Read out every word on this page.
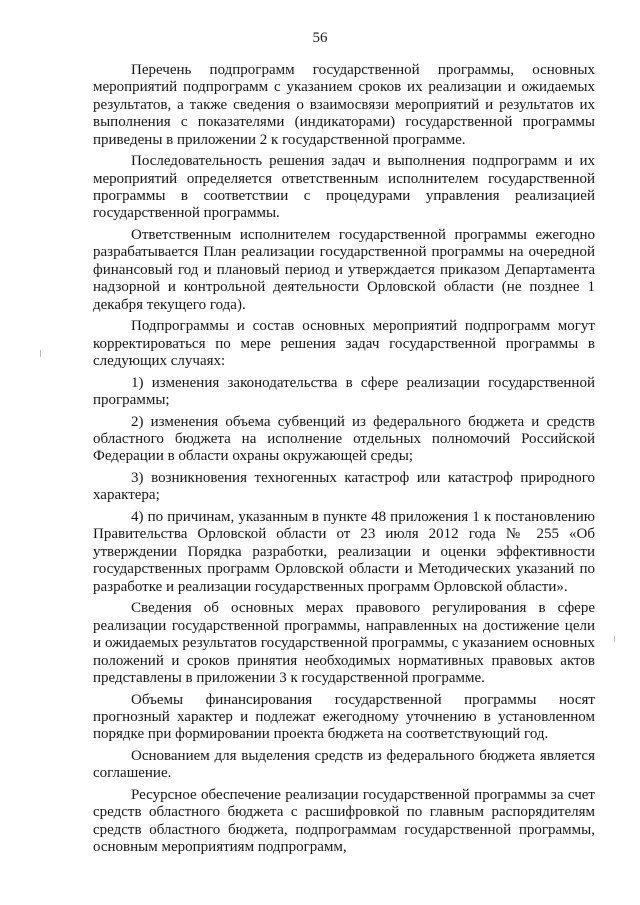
56

Перечень подпрограмм государственной программы, основных мероприятий подпрограмм с указанием сроков их реализации и ожидаемых результатов, а также сведения о взаимосвязи мероприятий и результатов их выполнения с показателями (индикаторами) государственной программы приведены в приложении 2 к государственной программе.

Последовательность решения задач и выполнения подпрограмм и их мероприятий определяется ответственным исполнителем государственной программы в соответствии с процедурами управления реализацией государственной программы.

Ответственным исполнителем государственной программы ежегодно разрабатывается План реализации государственной программы на очередной финансовый год и плановый период и утверждается приказом Департамента надзорной и контрольной деятельности Орловской области (не позднее 1 декабря текущего года).

Подпрограммы и состав основных мероприятий подпрограмм могут корректироваться по мере решения задач государственной программы в следующих случаях:

1) изменения законодательства в сфере реализации государственной программы;

2) изменения объема субвенций из федерального бюджета и средств областного бюджета на исполнение отдельных полномочий Российской Федерации в области охраны окружающей среды;

3) возникновения техногенных катастроф или катастроф природного характера;

4) по причинам, указанным в пункте 48 приложения 1 к постановлению Правительства Орловской области от 23 июля 2012 года № 255 «Об утверждении Порядка разработки, реализации и оценки эффективности государственных программ Орловской области и Методических указаний по разработке и реализации государственных программ Орловской области».

Сведения об основных мерах правового регулирования в сфере реализации государственной программы, направленных на достижение цели и ожидаемых результатов государственной программы, с указанием основных положений и сроков принятия необходимых нормативных правовых актов представлены в приложении 3 к государственной программе.

Объемы финансирования государственной программы носят прогнозный характер и подлежат ежегодному уточнению в установленном порядке при формировании проекта бюджета на соответствующий год.

Основанием для выделения средств из федерального бюджета является соглашение.

Ресурсное обеспечение реализации государственной программы за счет средств областного бюджета с расшифровкой по главным распорядителям средств областного бюджета, подпрограммам государственной программы, основным мероприятиям подпрограмм,
